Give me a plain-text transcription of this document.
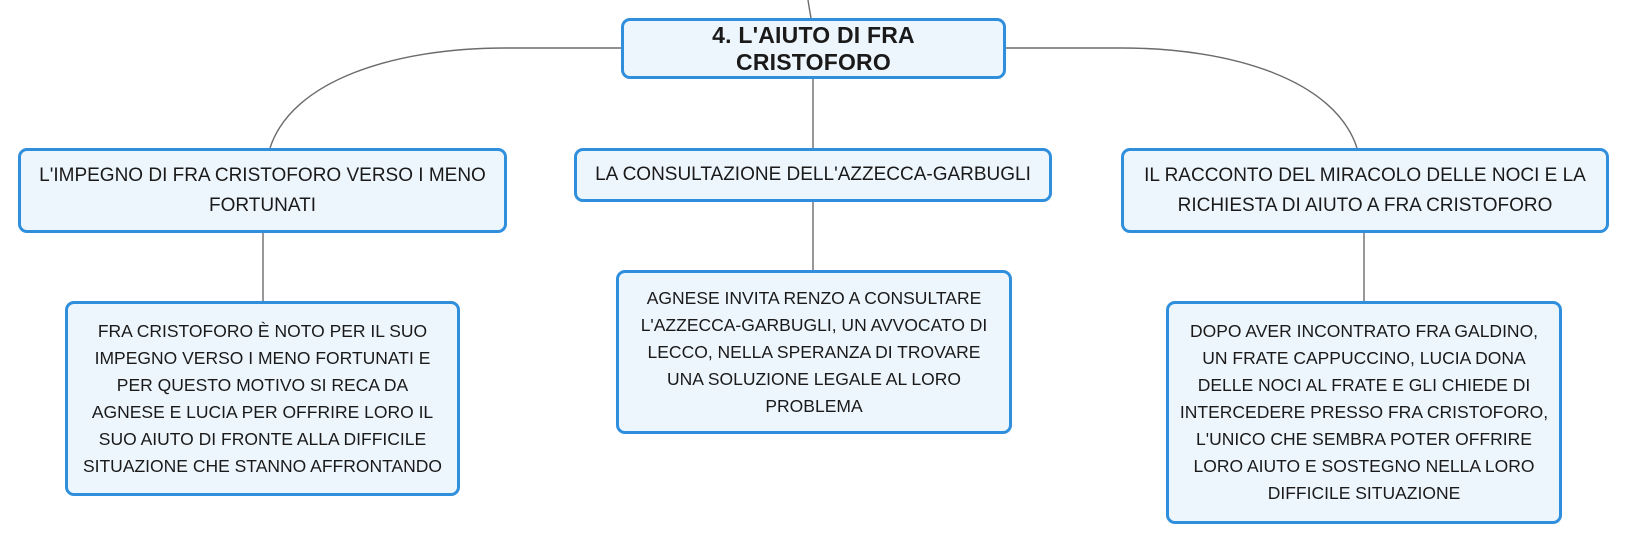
4. L'AIUTO DI FRA CRISTOFORO
L'IMPEGNO DI FRA CRISTOFORO VERSO I MENO FORTUNATI
LA CONSULTAZIONE DELL'AZZECCA-GARBUGLI	IL RACCONTO DEL MIRACOLO DELLE NOCI E LA RICHIESTA DI AIUTO A FRA CRISTOFORO
FRA CRISTOFORO È NOTO PER IL SUO IMPEGNO VERSO I MENO FORTUNATI E PER QUESTO MOTIVO SI RECA DA AGNESE E LUCIA PER OFFRIRE LORO IL SUO AIUTO DI FRONTE ALLA DIFFICILE SITUAZIONE CHE STANNO AFFRONTANDO
AGNESE INVITA RENZO A CONSULTARE L'AZZECCA-GARBUGLI, UN AVVOCATO DI LECCO, NELLA SPERANZA DI TROVARE UNA SOLUZIONE LEGALE AL LORO PROBLEMA
DOPO AVER INCONTRATO FRA GALDINO, UN FRATE CAPPUCCINO, LUCIA DONA DELLE NOCI AL FRATE E GLI CHIEDE DI INTERCEDERE PRESSO FRA CRISTOFORO, L'UNICO CHE SEMBRA POTER OFFRIRE LORO AIUTO E SOSTEGNO NELLA LORO DIFFICILE SITUAZIONE
